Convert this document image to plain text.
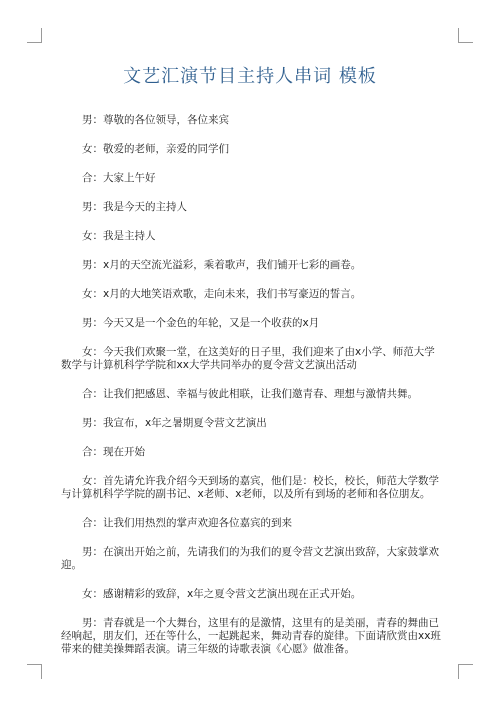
文艺汇演节目主持人串词 模板

男：尊敬的各位领导，各位来宾

女：敬爱的老师，亲爱的同学们

合：大家上午好

男：我是今天的主持人

女：我是主持人

男：x月的天空流光溢彩，乘着歌声，我们铺开七彩的画卷。

女：x月的大地笑语欢歌，走向未来，我们书写豪迈的誓言。

男：今天又是一个金色的年轮，又是一个收获的x月

女：今天我们欢聚一堂，在这美好的日子里，我们迎来了由x小学、师范大学数学与计算机科学学院和xx大学共同举办的夏令营文艺演出活动

合：让我们把感恩、幸福与彼此相联，让我们邀青春、理想与激情共舞。

男：我宣布，x年之暑期夏令营文艺演出

合：现在开始

女：首先请允许我介绍今天到场的嘉宾，他们是：校长，校长，师范大学数学与计算机科学学院的副书记、x老师、x老师，以及所有到场的老师和各位朋友。

合：让我们用热烈的掌声欢迎各位嘉宾的到来

男：在演出开始之前，先请我们的为我们的夏令营文艺演出致辞，大家鼓掌欢迎。

女：感谢精彩的致辞，x年之夏令营文艺演出现在正式开始。

男：青春就是一个大舞台，这里有的是激情，这里有的是美丽，青春的舞曲已经响起，朋友们，还在等什么，一起跳起来，舞动青春的旋律。下面请欣赏由xx班带来的健美操舞蹈表演。请三年级的诗歌表演《心愿》做准备。
